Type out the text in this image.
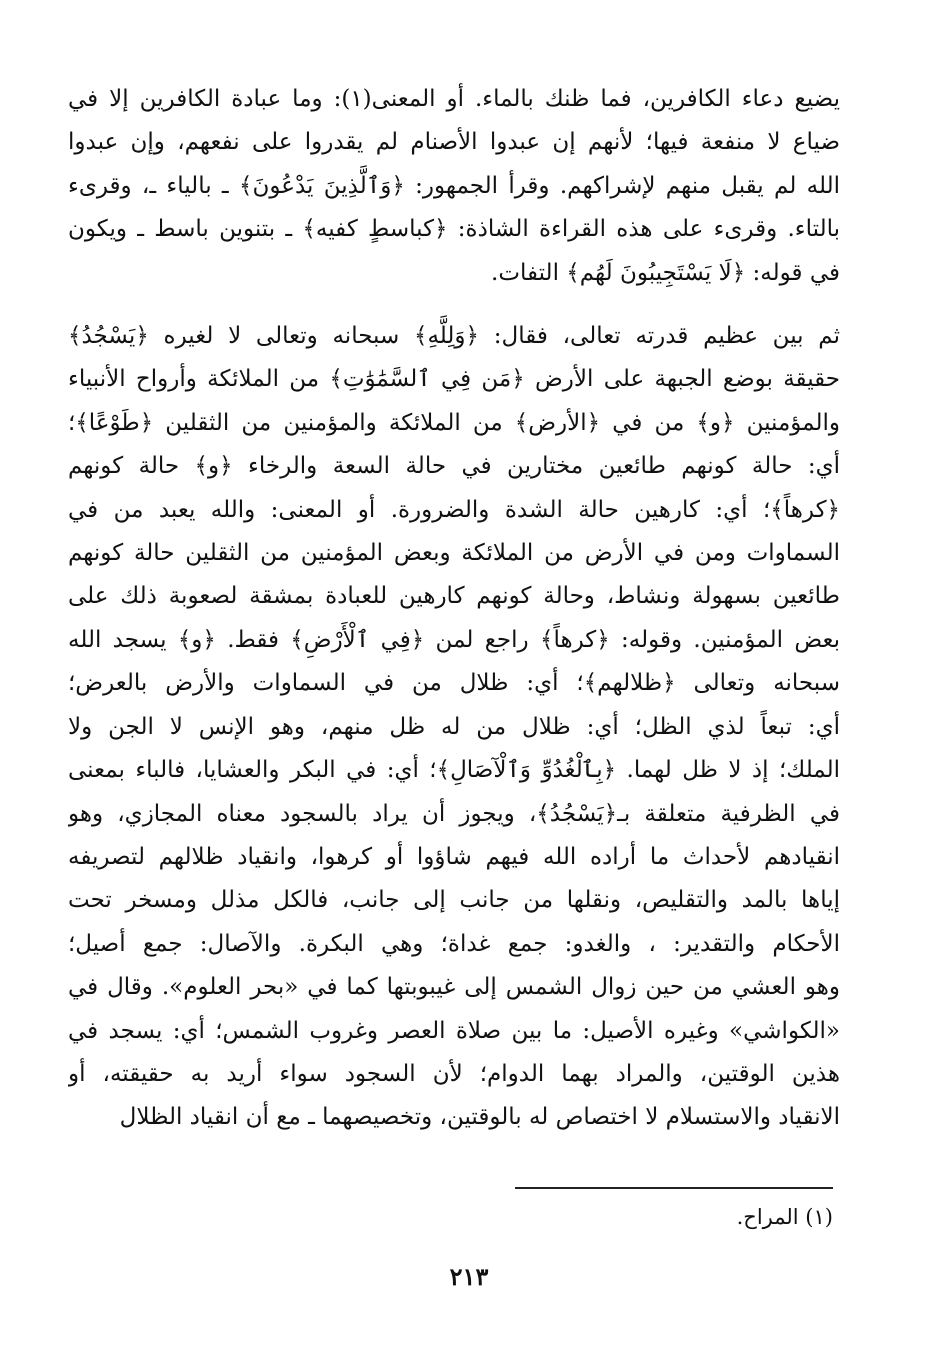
يضيع دعاء الكافرين، فما ظنك بالماء. أو المعنى(١): وما عبادة الكافرين إلا في
ضياع لا منفعة فيها؛ لأنهم إن عبدوا الأصنام لم يقدروا على نفعهم، وإن عبدوا
الله لم يقبل منهم لإشراكهم. وقرأ الجمهور: ﴿وَٱلَّذِينَ يَدْعُونَ﴾ ـ بالياء ـ، وقرىء
بالتاء. وقرىء على هذه القراءة الشاذة: ﴿كباسطٍ كفيه﴾ ـ بتنوين باسط ـ ويكون
في قوله: ﴿لَا يَسْتَجِيبُونَ لَهُم﴾ التفات.
ثم بين عظيم قدرته تعالى، فقال: ﴿وَلِلَّهِ﴾ سبحانه وتعالى لا لغيره ﴿يَسْجُدُ﴾
حقيقة بوضع الجبهة على الأرض ﴿مَن فِي ٱلسَّمَٰوَٰتِ﴾ من الملائكة وأرواح الأنبياء
والمؤمنين ﴿و﴾ من في ﴿الأرض﴾ من الملائكة والمؤمنين من الثقلين ﴿طَوْعًا﴾؛
أي: حالة كونهم طائعين مختارين في حالة السعة والرخاء ﴿و﴾ حالة كونهم
﴿كرهاً﴾؛ أي: كارهين حالة الشدة والضرورة. أو المعنى: والله يعبد من في
السماوات ومن في الأرض من الملائكة وبعض المؤمنين من الثقلين حالة كونهم
طائعين بسهولة ونشاط، وحالة كونهم كارهين للعبادة بمشقة لصعوبة ذلك على
بعض المؤمنين. وقوله: ﴿كرهاً﴾ راجع لمن ﴿فِي ٱلْأَرْضِ﴾ فقط. ﴿و﴾ يسجد الله
سبحانه وتعالى ﴿ظلالهم﴾؛ أي: ظلال من في السماوات والأرض بالعرض؛
أي: تبعاً لذي الظل؛ أي: ظلال من له ظل منهم، وهو الإنس لا الجن ولا
الملك؛ إذ لا ظل لهما. ﴿بِٱلْغُدُوِّ وَٱلْآصَالِ﴾؛ أي: في البكر والعشايا، فالباء بمعنى
في الظرفية متعلقة بـ﴿يَسْجُدُ﴾، ويجوز أن يراد بالسجود معناه المجازي، وهو
انقيادهم لأحداث ما أراده الله فيهم شاؤوا أو كرهوا، وانقياد ظلالهم لتصريفه
إياها بالمد والتقليص، ونقلها من جانب إلى جانب، فالكل مذلل ومسخر تحت
الأحكام والتقدير: ، والغدو: جمع غداة؛ وهي البكرة. والآصال: جمع أصيل؛
وهو العشي من حين زوال الشمس إلى غيبوبتها كما في «بحر العلوم». وقال في
«الكواشي» وغيره الأصيل: ما بين صلاة العصر وغروب الشمس؛ أي: يسجد في
هذين الوقتين، والمراد بهما الدوام؛ لأن السجود سواء أريد به حقيقته، أو
الانقياد والاستسلام لا اختصاص له بالوقتين، وتخصيصهما ـ مع أن انقياد الظلال
(١) المراح.
٢١٣
